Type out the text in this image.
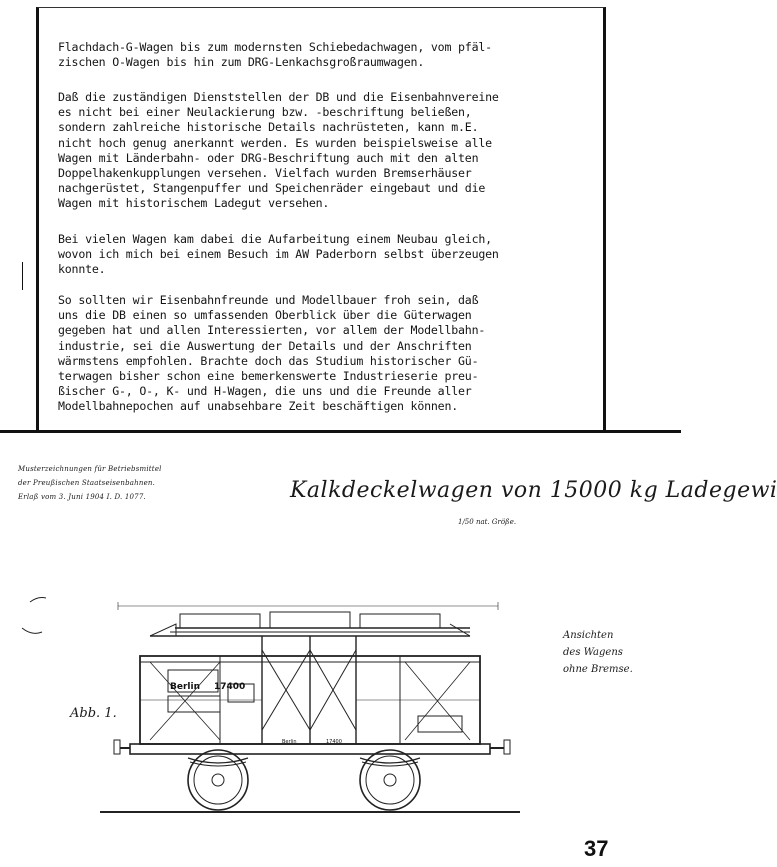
Flachdach-G-Wagen bis zum modernsten Schiebedachwagen, vom pfäl-
zischen O-Wagen bis hin zum DRG-Lenkachsgroßraumwagen.

Daß die zuständigen Dienststellen der DB und die Eisenbahnvereine
es nicht bei einer Neulackierung bzw. -beschriftung beließen,
sondern zahlreiche historische Details nachrüsteten, kann m.E.
nicht hoch genug anerkannt werden. Es wurden beispielsweise alle
Wagen mit Länderbahn- oder DRG-Beschriftung auch mit den alten
Doppelhakenkupplungen versehen. Vielfach wurden Bremserhäuser
nachgerüstet, Stangenpuffer und Speichenräder eingebaut und die
Wagen mit historischem Ladegut versehen.

Bei vielen Wagen kam dabei die Aufarbeitung einem Neubau gleich,
wovon ich mich bei einem Besuch im AW Paderborn selbst überzeugen
konnte.

So sollten wir Eisenbahnfreunde und Modellbauer froh sein, daß
uns die DB einen so umfassenden Oberblick über die Güterwagen
gegeben hat und allen Interessierten, vor allem der Modellbahn-
industrie, sei die Auswertung der Details und der Anschriften
wärmstens empfohlen. Brachte doch das Studium historischer Gü-
terwagen bisher schon eine bemerkenswerte Industrieserie preu-
ßischer G-, O-, K- und H-Wagen, die uns und die Freunde aller
Modellbahnepochen auf unabsehbare Zeit beschäftigen können.

Musterzeichnungen für Betriebsmittel
der Preußischen Staatseisenbahnen.
Erlaß vom 3. Juni 1904 I. D. 1077.	Kalkdeckelwagen von 15000 kg Ladegewi
1/50 nat. Größe.
Ansichten
des Wagens
ohne Bremse.
Abb. 1.
Berlin 17400
Berlin	17400
37
